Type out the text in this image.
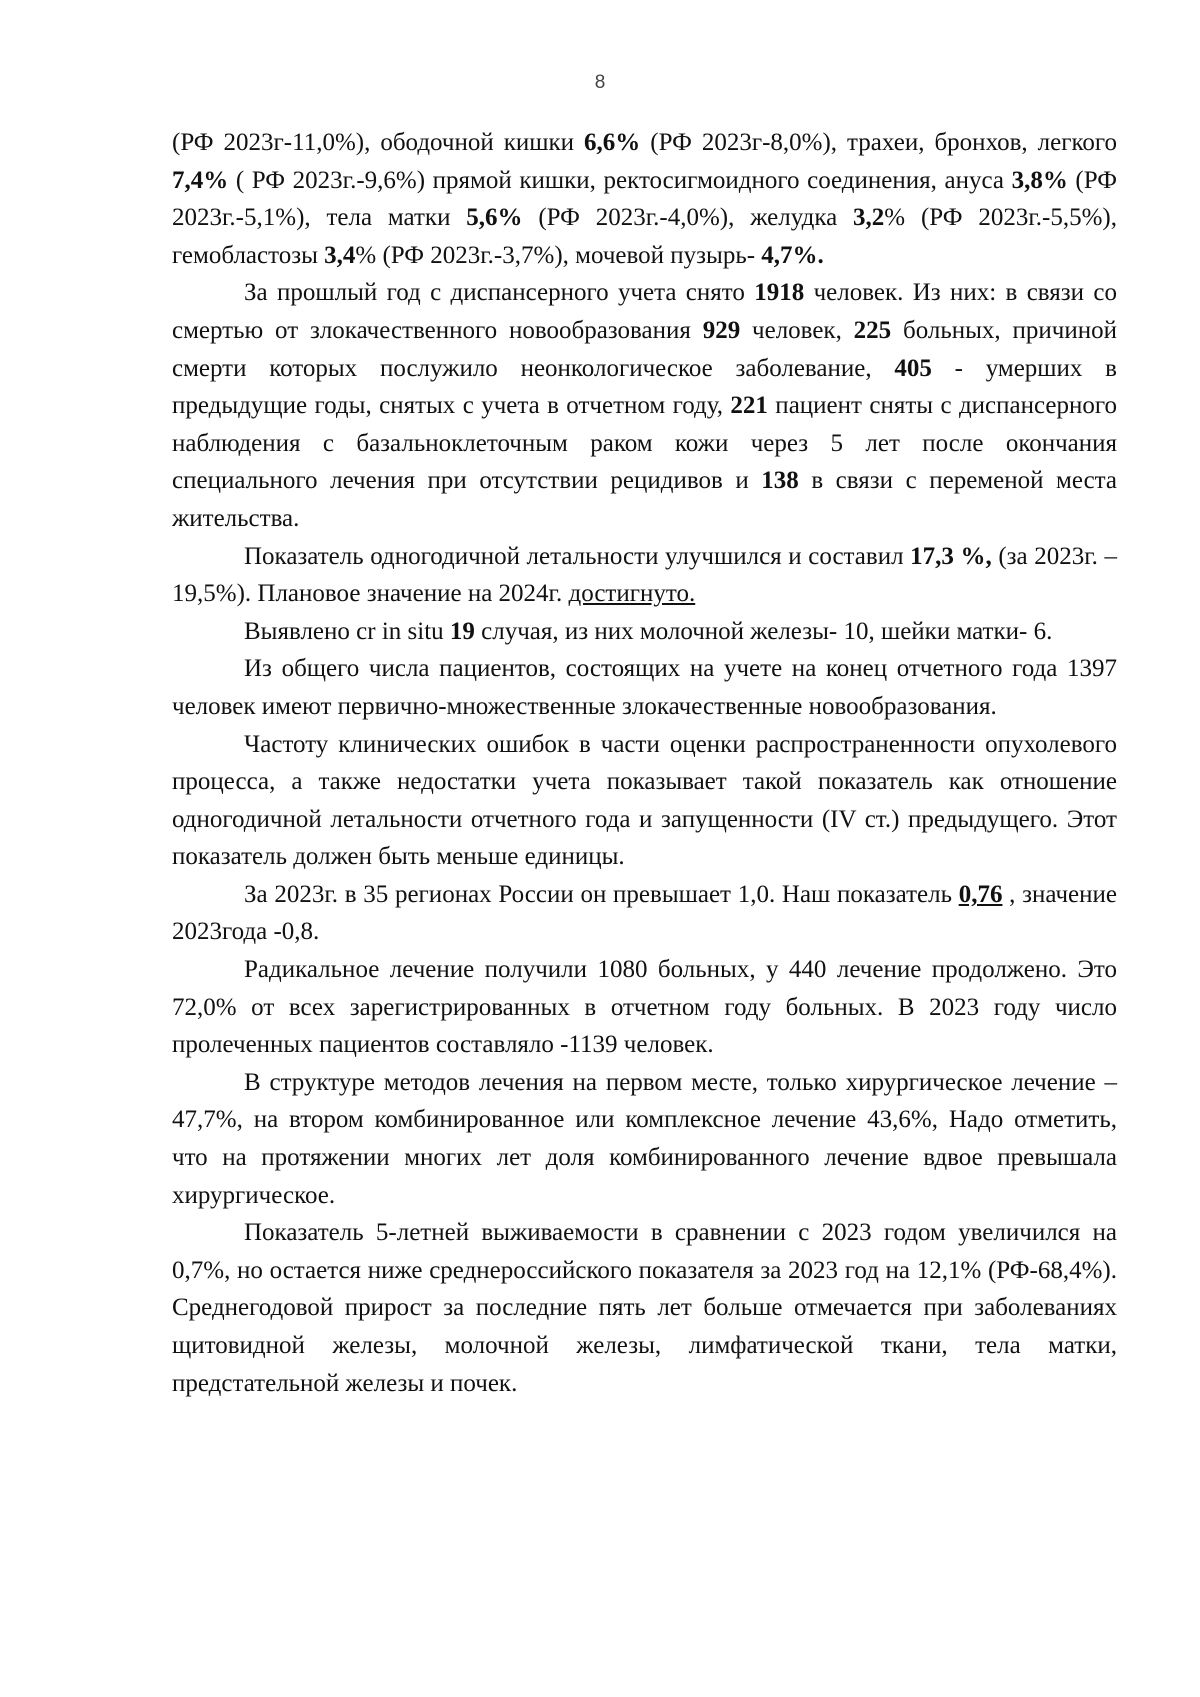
8

(РФ 2023г-11,0%), ободочной кишки 6,6% (РФ 2023г-8,0%), трахеи, бронхов, легкого 7,4% ( РФ 2023г.-9,6%) прямой кишки, ректосигмоидного соединения, ануса 3,8% (РФ 2023г.-5,1%), тела матки 5,6% (РФ 2023г.-4,0%), желудка 3,2% (РФ 2023г.-5,5%), гемобластозы 3,4% (РФ 2023г.-3,7%), мочевой пузырь- 4,7%.

За прошлый год с диспансерного учета снято 1918 человек. Из них: в связи со смертью от злокачественного новообразования 929 человек, 225 больных, причиной смерти которых послужило неонкологическое заболевание, 405 - умерших в предыдущие годы, снятых с учета в отчетном году, 221 пациент сняты с диспансерного наблюдения с базальноклеточным раком кожи через 5 лет после окончания специального лечения при отсутствии рецидивов и 138 в связи с переменой места жительства.

Показатель одногодичной летальности улучшился и составил 17,3 %, (за 2023г. – 19,5%). Плановое значение на 2024г. достигнуто.

Выявлено cr in situ 19 случая, из них молочной железы- 10, шейки матки- 6.

Из общего числа пациентов, состоящих на учете на конец отчетного года 1397 человек имеют первично-множественные злокачественные новообразования.

Частоту клинических ошибок в части оценки распространенности опухолевого процесса, а также недостатки учета показывает такой показатель как отношение одногодичной летальности отчетного года и запущенности (IV ст.) предыдущего. Этот показатель должен быть меньше единицы.

За 2023г. в 35 регионах России он превышает 1,0. Наш показатель 0,76 , значение 2023года -0,8.

Радикальное лечение получили 1080 больных, у 440 лечение продолжено. Это 72,0% от всех зарегистрированных в отчетном году больных. В 2023 году число пролеченных пациентов составляло -1139 человек.

В структуре методов лечения на первом месте, только хирургическое лечение – 47,7%, на втором комбинированное или комплексное лечение 43,6%, Надо отметить, что на протяжении многих лет доля комбинированного лечение вдвое превышала хирургическое.

Показатель 5-летней выживаемости в сравнении с 2023 годом увеличился на 0,7%, но остается ниже среднероссийского показателя за 2023 год на 12,1% (РФ-68,4%). Среднегодовой прирост за последние пять лет больше отмечается при заболеваниях щитовидной железы, молочной железы, лимфатической ткани, тела матки, предстательной железы и почек.
